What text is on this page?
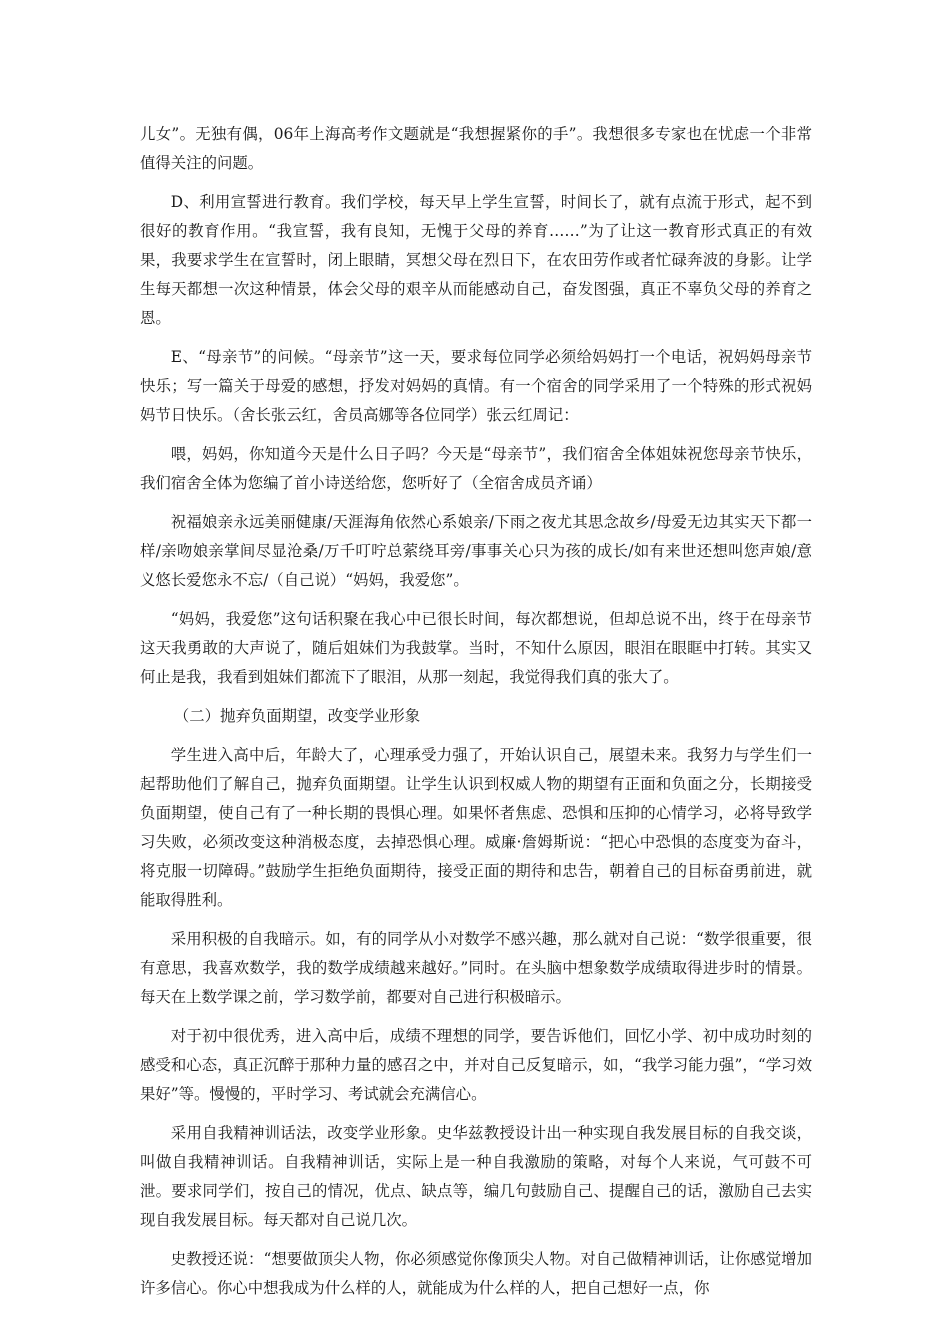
儿女”。无独有偶，06年上海高考作文题就是“我想握紧你的手”。我想很多专家也在忧虑一个非常值得关注的问题。

D、利用宣誓进行教育。我们学校，每天早上学生宣誓，时间长了，就有点流于形式，起不到很好的教育作用。“我宣誓，我有良知，无愧于父母的养育……”为了让这一教育形式真正的有效果，我要求学生在宣誓时，闭上眼睛，冥想父母在烈日下，在农田劳作或者忙碌奔波的身影。让学生每天都想一次这种情景，体会父母的艰辛从而能感动自己，奋发图强，真正不辜负父母的养育之恩。

E、“母亲节”的问候。“母亲节”这一天，要求每位同学必须给妈妈打一个电话，祝妈妈母亲节快乐；写一篇关于母爱的感想，抒发对妈妈的真情。有一个宿舍的同学采用了一个特殊的形式祝妈妈节日快乐。（舍长张云红，舍员高娜等各位同学）张云红周记：

喂，妈妈，你知道今天是什么日子吗？今天是“母亲节”，我们宿舍全体姐妹祝您母亲节快乐，我们宿舍全体为您编了首小诗送给您，您听好了（全宿舍成员齐诵）

祝福娘亲永远美丽健康/天涯海角依然心系娘亲/下雨之夜尤其思念故乡/母爱无边其实天下都一样/亲吻娘亲掌间尽显沧桑/万千叮咛总萦绕耳旁/事事关心只为孩的成长/如有来世还想叫您声娘/意义悠长爱您永不忘/（自己说）“妈妈，我爱您”。

“妈妈，我爱您”这句话积聚在我心中已很长时间，每次都想说，但却总说不出，终于在母亲节这天我勇敢的大声说了，随后姐妹们为我鼓掌。当时，不知什么原因，眼泪在眼眶中打转。其实又何止是我，我看到姐妹们都流下了眼泪，从那一刻起，我觉得我们真的张大了。

（二）抛弃负面期望，改变学业形象

学生进入高中后，年龄大了，心理承受力强了，开始认识自己，展望未来。我努力与学生们一起帮助他们了解自己，抛弃负面期望。让学生认识到权威人物的期望有正面和负面之分，长期接受负面期望，使自己有了一种长期的畏惧心理。如果怀者焦虑、恐惧和压抑的心情学习，必将导致学习失败，必须改变这种消极态度，去掉恐惧心理。威廉·詹姆斯说：“把心中恐惧的态度变为奋斗，将克服一切障碍。”鼓励学生拒绝负面期待，接受正面的期待和忠告，朝着自己的目标奋勇前进，就能取得胜利。

采用积极的自我暗示。如，有的同学从小对数学不感兴趣，那么就对自己说：“数学很重要，很有意思，我喜欢数学，我的数学成绩越来越好。”同时。在头脑中想象数学成绩取得进步时的情景。每天在上数学课之前，学习数学前，都要对自己进行积极暗示。

对于初中很优秀，进入高中后，成绩不理想的同学，要告诉他们，回忆小学、初中成功时刻的感受和心态，真正沉醉于那种力量的感召之中，并对自己反复暗示，如，“我学习能力强”，“学习效果好”等。慢慢的，平时学习、考试就会充满信心。

采用自我精神训话法，改变学业形象。史华兹教授设计出一种实现自我发展目标的自我交谈，叫做自我精神训话。自我精神训话，实际上是一种自我激励的策略，对每个人来说，气可鼓不可泄。要求同学们，按自己的情况，优点、缺点等，编几句鼓励自己、提醒自己的话，激励自己去实现自我发展目标。每天都对自己说几次。

史教授还说：“想要做顶尖人物，你必须感觉你像顶尖人物。对自己做精神训话，让你感觉增加许多信心。你心中想我成为什么样的人，就能成为什么样的人，把自己想好一点，你
